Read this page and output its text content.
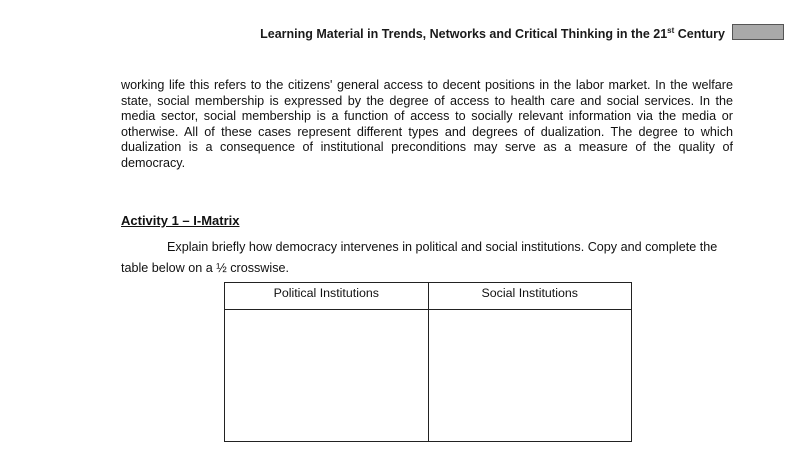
Learning Material in Trends, Networks and Critical Thinking in the 21st Century

working life this refers to the citizens' general access to decent positions in the labor market. In the welfare state, social membership is expressed by the degree of access to health care and social services. In the media sector, social membership is a function of access to socially relevant information via the media or otherwise. All of these cases represent different types and degrees of dualization. The degree to which dualization is a consequence of institutional preconditions may serve as a measure of the quality of democracy.

Activity 1 – I-Matrix

Explain briefly how democracy intervenes in political and social institutions. Copy and complete the table below on a ½ crosswise.

Political Institutions	Social Institutions
